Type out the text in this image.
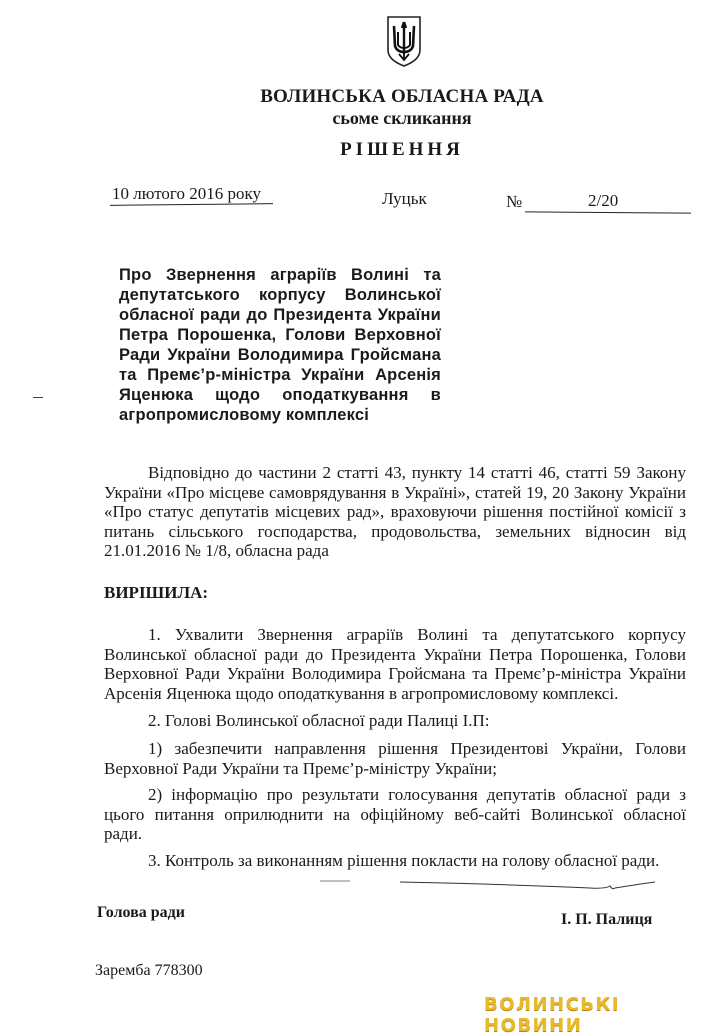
ВОЛИНСЬКА ОБЛАСНА РАДА
сьоме скликання
РІШЕННЯ
10 лютого 2016 року	Луцьк	№	2/20
Про Звернення аграріїв Волині та депутатського корпусу Волинської обласної ради до Президента України Петра Порошенка, Голови Верховної Ради України Володимира Гройсмана та Премє’р-міністра України Арсенія Яценюка щодо оподаткування в агропромисловому комплексі
Відповідно до частини 2 статті 43, пункту 14 статті 46, статті 59 Закону України «Про місцеве самоврядування в Україні», статей 19, 20 Закону України «Про статус депутатів місцевих рад», враховуючи рішення постійної комісії з питань сільського господарства, продовольства, земельних відносин від 21.01.2016 № 1/8, обласна рада
ВИРІШИЛА:
1. Ухвалити Звернення аграріїв Волині та депутатського корпусу Волинської обласної ради до Президента України Петра Порошенка, Голови Верховної Ради України Володимира Гройсмана та Премє’р-міністра України Арсенія Яценюка щодо оподаткування в агропромисловому комплексі.
2. Голові Волинської обласної ради Палиці І.П:
1) забезпечити направлення рішення Президентові України, Голови Верховної Ради України та Премє’р-міністру України;
2) інформацію про результати голосування депутатів обласної ради з цього питання оприлюднити на офіційному веб-сайті Волинської обласної ради.
3. Контроль за виконанням рішення покласти на голову обласної ради.
Голова ради	І. П. Палиця
Заремба 778300
ВОЛИНСЬКІ НОВИНИ
